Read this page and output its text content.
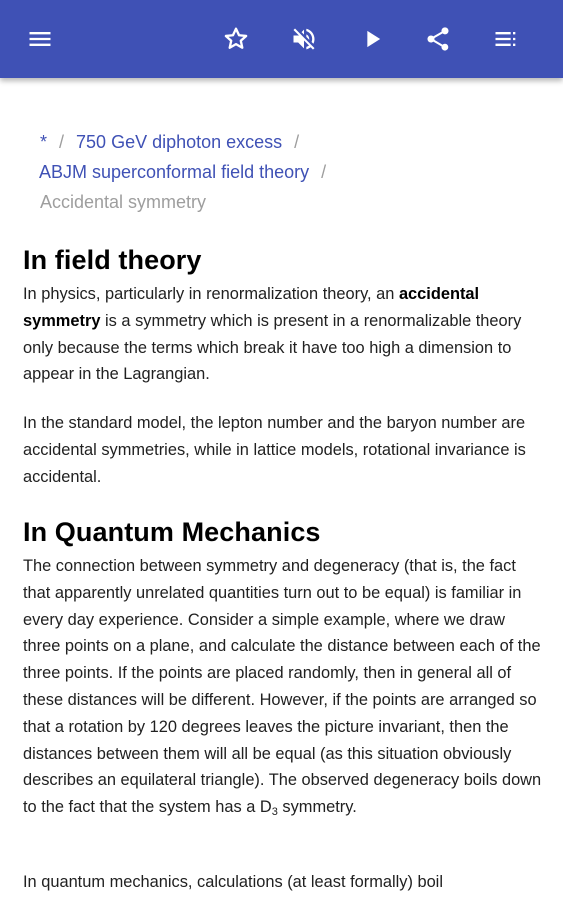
* / 750 GeV diphoton excess /
ABJM superconformal field theory /
Accidental symmetry
In field theory

In physics, particularly in renormalization theory, an accidental symmetry is a symmetry which is present in a renormalizable theory only because the terms which break it have too high a dimension to appear in the Lagrangian.

In the standard model, the lepton number and the baryon number are accidental symmetries, while in lattice models, rotational invariance is accidental.

In Quantum Mechanics

The connection between symmetry and degeneracy (that is, the fact that apparently unrelated quantities turn out to be equal) is familiar in every day experience. Consider a simple example, where we draw three points on a plane, and calculate the distance between each of the three points. If the points are placed randomly, then in general all of these distances will be different. However, if the points are arranged so that a rotation by 120 degrees leaves the picture invariant, then the distances between them will all be equal (as this situation obviously describes an equilateral triangle). The observed degeneracy boils down to the fact that the system has a $D_3$ symmetry.

In quantum mechanics, calculations (at least formally) boil
